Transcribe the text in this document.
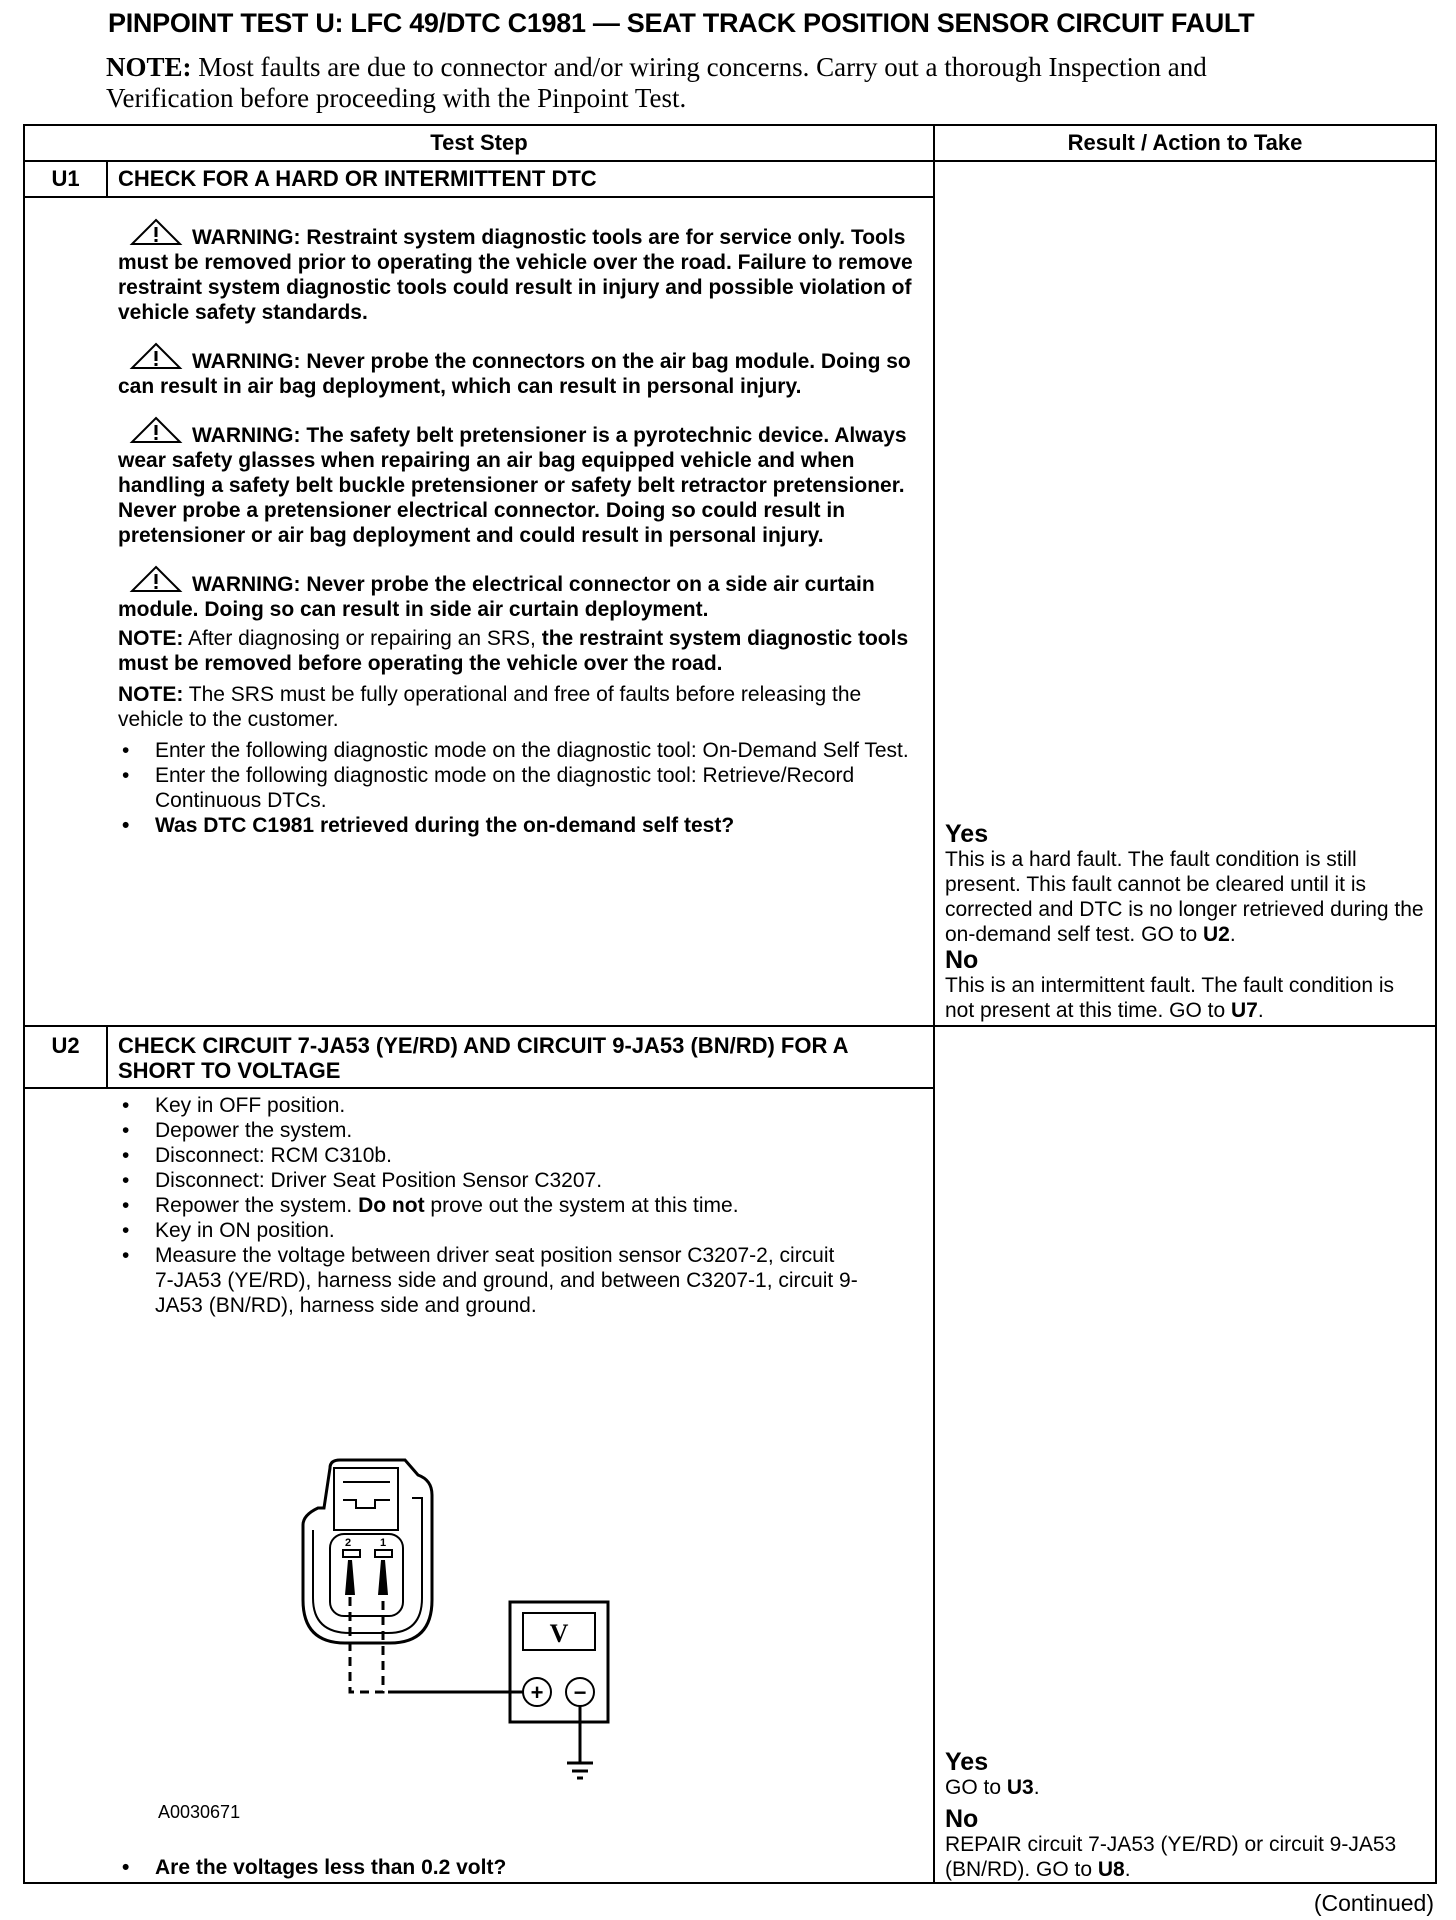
PINPOINT TEST U: LFC 49/DTC C1981 — SEAT TRACK POSITION SENSOR CIRCUIT FAULT
NOTE: Most faults are due to connector and/or wiring concerns. Carry out a thorough Inspection and Verification before proceeding with the Pinpoint Test.
Test Step	Result / Action to Take
U1	CHECK FOR A HARD OR INTERMITTENT DTC
WARNING: Restraint system diagnostic tools are for service only. Tools must be removed prior to operating the vehicle over the road. Failure to remove restraint system diagnostic tools could result in injury and possible violation of vehicle safety standards.
WARNING: Never probe the connectors on the air bag module. Doing so can result in air bag deployment, which can result in personal injury.
WARNING: The safety belt pretensioner is a pyrotechnic device. Always wear safety glasses when repairing an air bag equipped vehicle and when handling a safety belt buckle pretensioner or safety belt retractor pretensioner. Never probe a pretensioner electrical connector. Doing so could result in pretensioner or air bag deployment and could result in personal injury.
WARNING: Never probe the electrical connector on a side air curtain module. Doing so can result in side air curtain deployment.
NOTE: After diagnosing or repairing an SRS, the restraint system diagnostic tools must be removed before operating the vehicle over the road.
NOTE: The SRS must be fully operational and free of faults before releasing the vehicle to the customer.
• Enter the following diagnostic mode on the diagnostic tool: On-Demand Self Test.
• Enter the following diagnostic mode on the diagnostic tool: Retrieve/Record Continuous DTCs.
• Was DTC C1981 retrieved during the on-demand self test?	Yes
This is a hard fault. The fault condition is still present. This fault cannot be cleared until it is corrected and DTC is no longer retrieved during the on-demand self test. GO to U2.
No
This is an intermittent fault. The fault condition is not present at this time. GO to U7.
U2	CHECK CIRCUIT 7-JA53 (YE/RD) AND CIRCUIT 9-JA53 (BN/RD) FOR A SHORT TO VOLTAGE
• Key in OFF position.
• Depower the system.
• Disconnect: RCM C310b.
• Disconnect: Driver Seat Position Sensor C3207.
• Repower the system. Do not prove out the system at this time.
• Key in ON position.
• Measure the voltage between driver seat position sensor C3207-2, circuit 7-JA53 (YE/RD), harness side and ground, and between C3207-1, circuit 9-JA53 (BN/RD), harness side and ground.
• Are the voltages less than 0.2 volt?
A0030671
Yes
GO to U3.
No
REPAIR circuit 7-JA53 (YE/RD) or circuit 9-JA53 (BN/RD). GO to U8.
2	1
V
+ −
(Continued)
